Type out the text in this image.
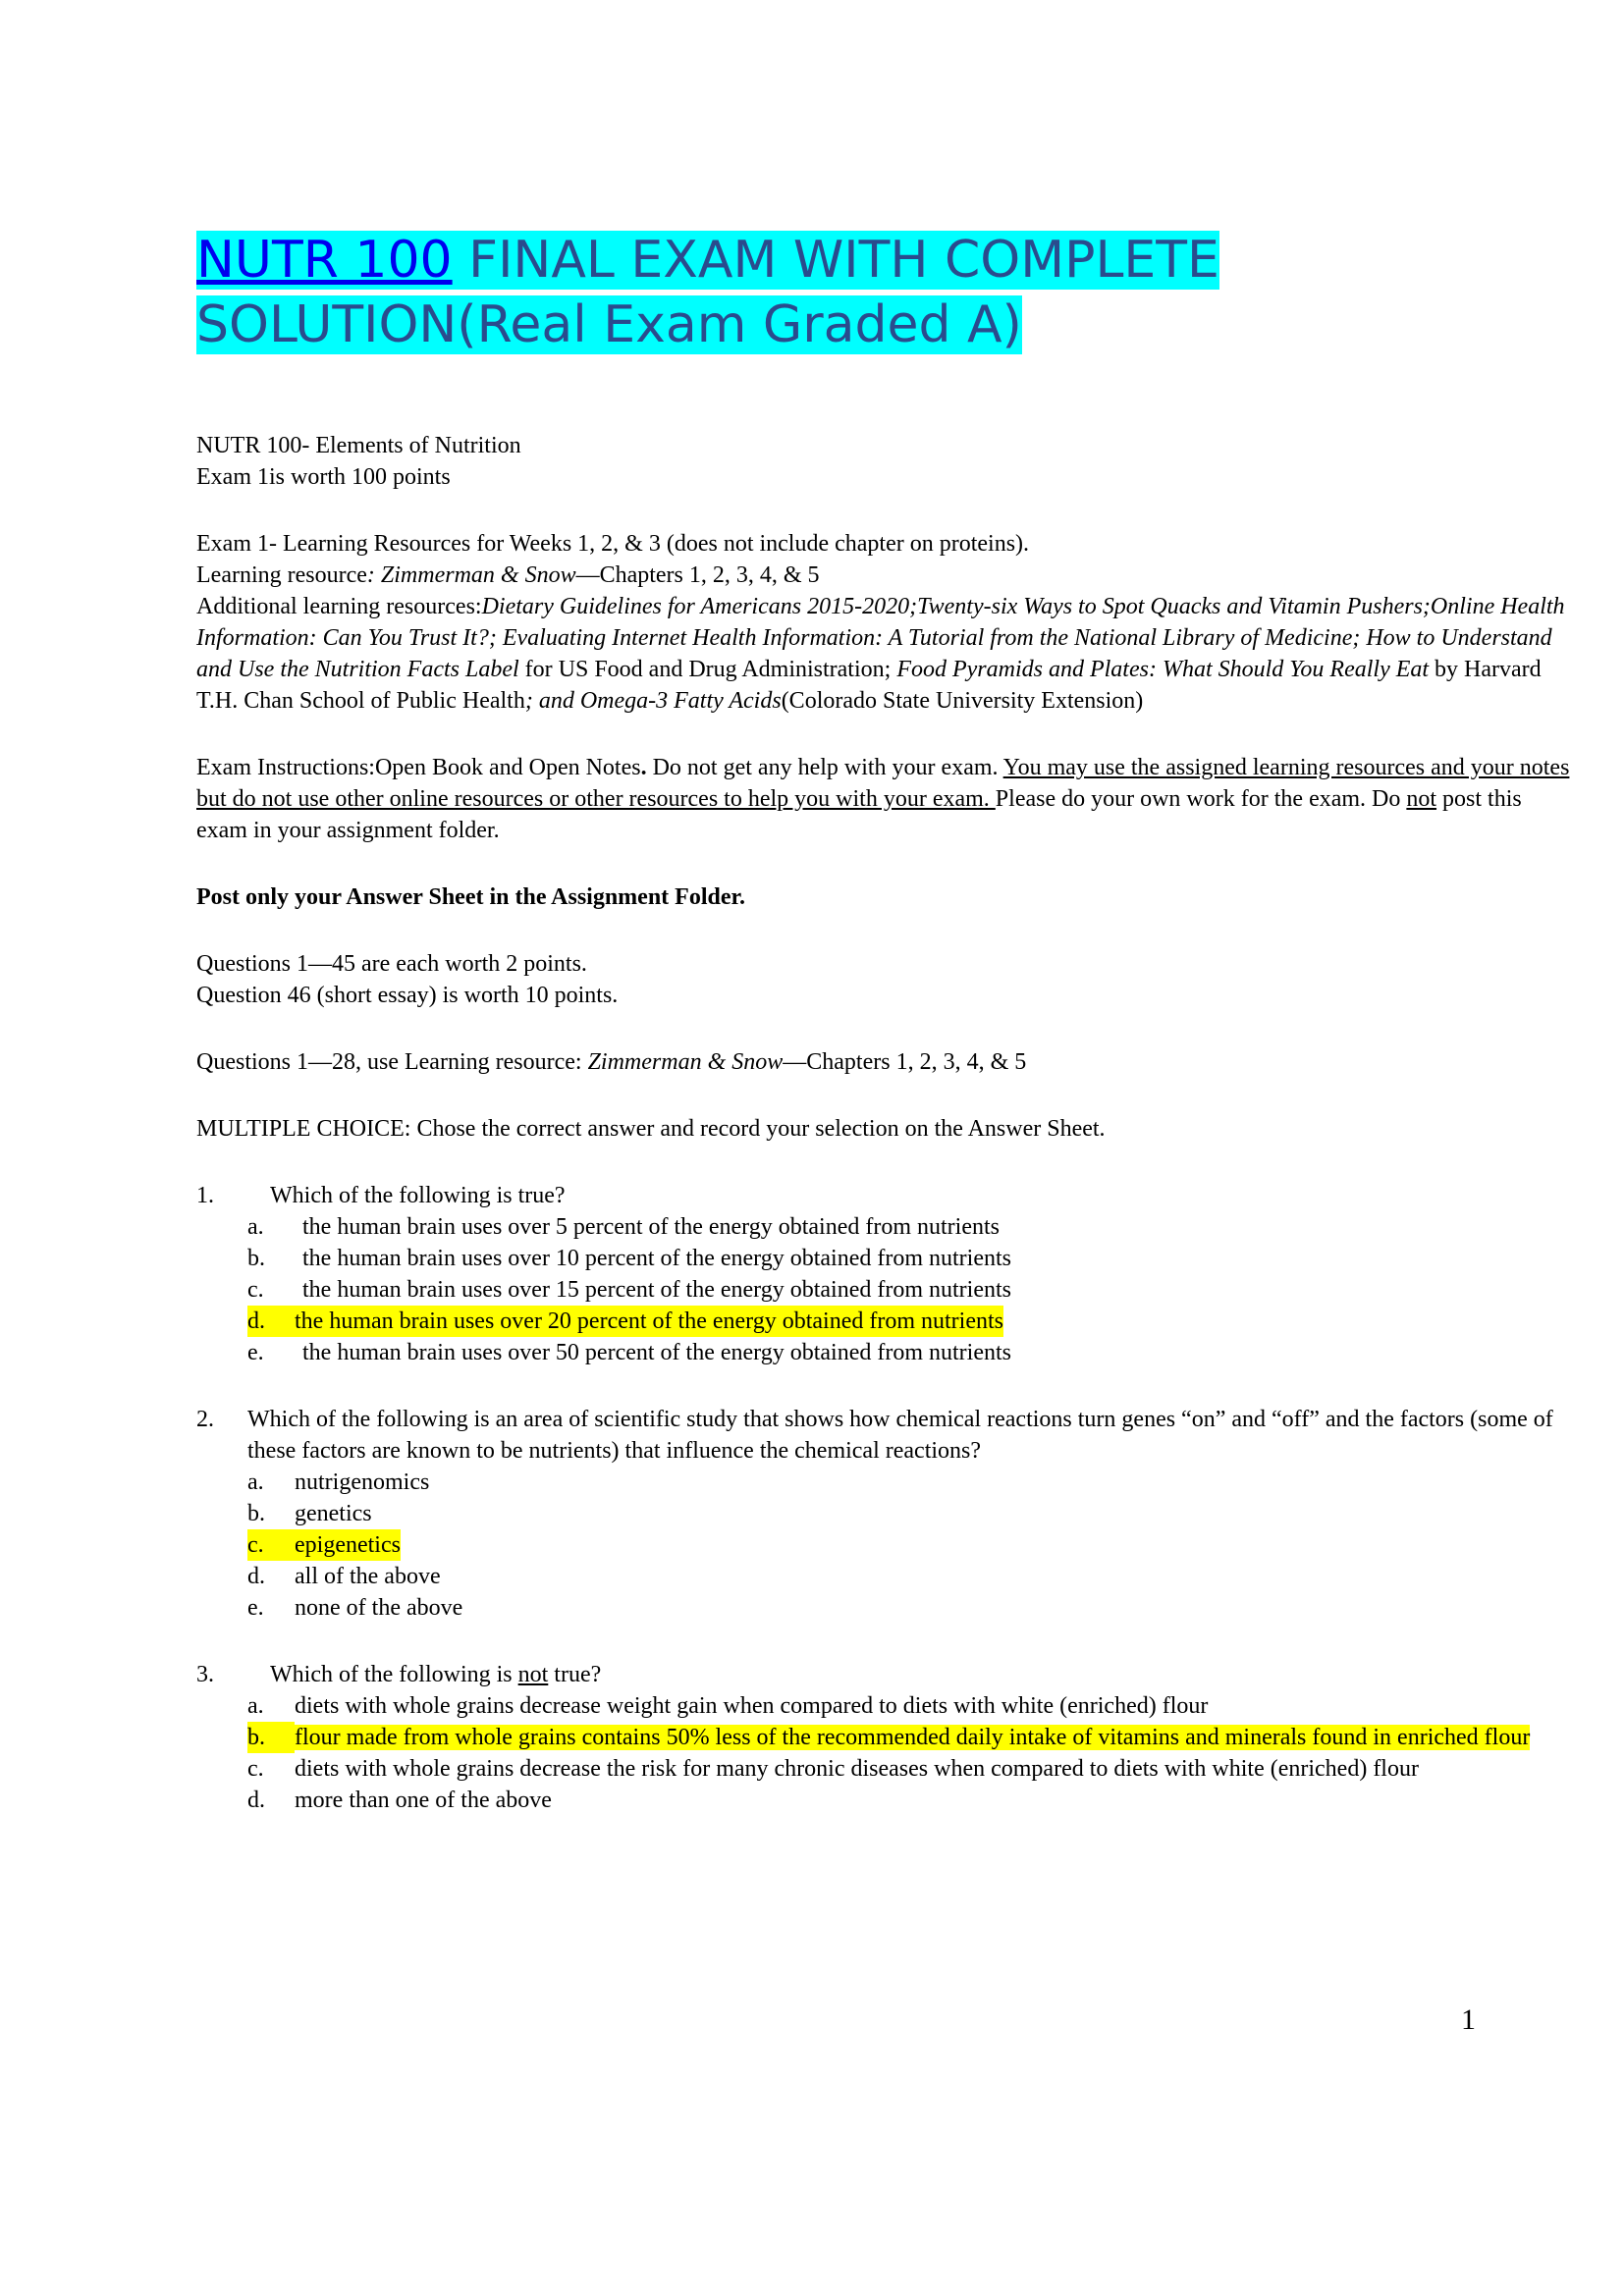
NUTR 100 FINAL EXAM WITH COMPLETE
SOLUTION(Real Exam Graded A)

NUTR 100- Elements of Nutrition

Exam 1is worth 100 points

Exam 1- Learning Resources for Weeks 1, 2, & 3 (does not include chapter on proteins).

Learning resource: Zimmerman & Snow—Chapters 1, 2, 3, 4, & 5

Additional learning resources:Dietary Guidelines for Americans 2015-2020;Twenty-six Ways to Spot Quacks and Vitamin Pushers;Online Health Information: Can You Trust It?; Evaluating Internet Health Information: A Tutorial from the National Library of Medicine; How to Understand and Use the Nutrition Facts Label for US Food and Drug Administration; Food Pyramids and Plates: What Should You Really Eat by Harvard T.H. Chan School of Public Health; and Omega-3 Fatty Acids(Colorado State University Extension)

Exam Instructions:Open Book and Open Notes. Do not get any help with your exam. You may use the assigned learning resources and your notes but do not use other online resources or other resources to help you with your exam. Please do your own work for the exam. Do not post this exam in your assignment folder.

Post only your Answer Sheet in the Assignment Folder.

Questions 1—45 are each worth 2 points.

Question 46 (short essay) is worth 10 points.

Questions 1—28, use Learning resource: Zimmerman & Snow—Chapters 1, 2, 3, 4, & 5

MULTIPLE CHOICE: Chose the correct answer and record your selection on the Answer Sheet.

1.	Which of the following is true?
a.	the human brain uses over 5 percent of the energy obtained from nutrients
b.	the human brain uses over 10 percent of the energy obtained from nutrients
c.	the human brain uses over 15 percent of the energy obtained from nutrients
d. the human brain uses over 20 percent of the energy obtained from nutrients
e.	the human brain uses over 50 percent of the energy obtained from nutrients
2.	Which of the following is an area of scientific study that shows how chemical reactions turn genes “on” and “off” and the factors (some of these factors are known to be nutrients) that influence the chemical reactions?
a.	nutrigenomics
b.	genetics
c. epigenetics
d.	all of the above
e.	none of the above
3.	Which of the following is not true?
a.	diets with whole grains decrease weight gain when compared to diets with white (enriched) flour
b.	flour made from whole grains contains 50% less of the recommended daily intake of vitamins and minerals found in enriched flour
c.	diets with whole grains decrease the risk for many chronic diseases when compared to diets with white (enriched) flour
d.	more than one of the above
1
